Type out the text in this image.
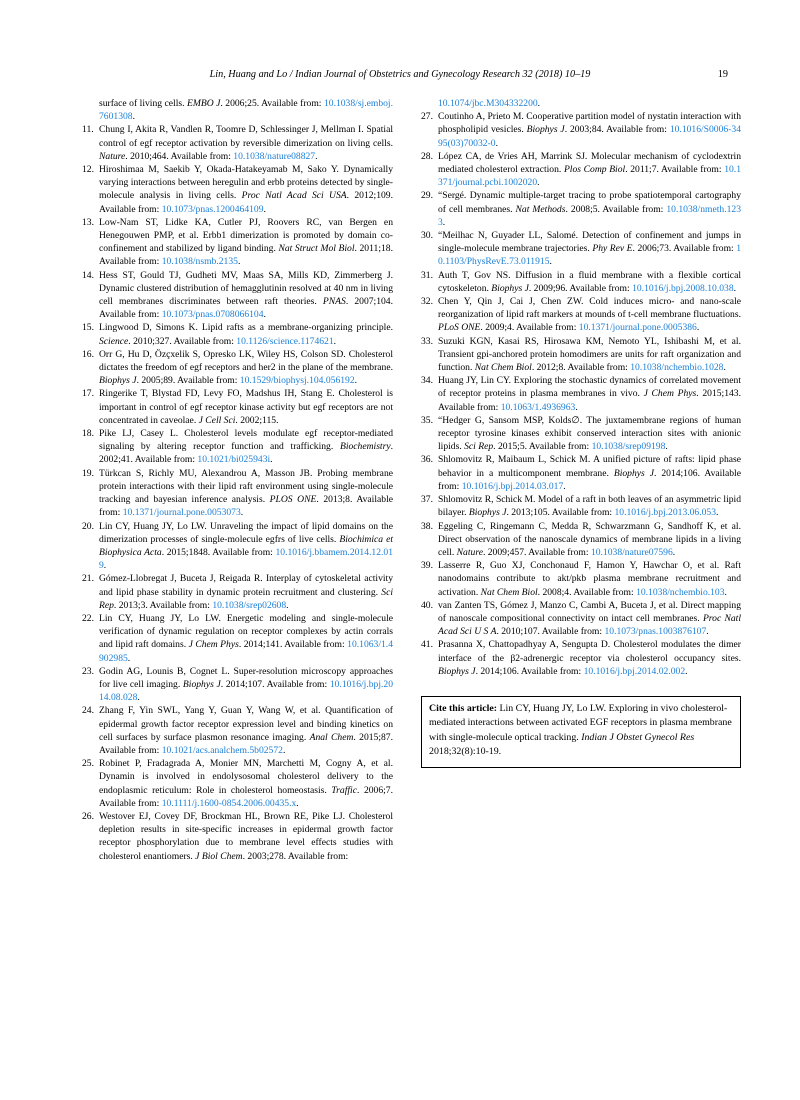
Lin, Huang and Lo / Indian Journal of Obstetrics and Gynecology Research 32 (2018) 10–19	19

surface of living cells. EMBO J. 2006;25. Available from: 10.1038/sj.emboj.7601308.

11. Chung I, Akita R, Vandlen R, Toomre D, Schlessinger J, Mellman I. Spatial control of egf receptor activation by reversible dimerization on living cells. Nature. 2010;464. Available from: 10.1038/nature08827.

12. Hiroshimaa M, Saekib Y, Okada-Hatakeyamab M, Sako Y. Dynamically varying interactions between heregulin and erbb proteins detected by single-molecule analysis in living cells. Proc Natl Acad Sci USA. 2012;109. Available from: 10.1073/pnas.1200464109.

13. Low-Nam ST, Lidke KA, Cutler PJ, Roovers RC, van Bergen en Henegouwen PMP, et al. Erbb1 dimerization is promoted by domain co-confinement and stabilized by ligand binding. Nat Struct Mol Biol. 2011;18. Available from: 10.1038/nsmb.2135.

14. Hess ST, Gould TJ, Gudheti MV, Maas SA, Mills KD, Zimmerberg J. Dynamic clustered distribution of hemagglutinin resolved at 40 nm in living cell membranes discriminates between raft theories. PNAS. 2007;104. Available from: 10.1073/pnas.0708066104.

15. Lingwood D, Simons K. Lipid rafts as a membrane-organizing principle. Science. 2010;327. Available from: 10.1126/science.1174621.

16. Orr G, Hu D, Özçxelik S, Opresko LK, Wiley HS, Colson SD. Cholesterol dictates the freedom of egf receptors and her2 in the plane of the membrane. Biophys J. 2005;89. Available from: 10.1529/biophysj.104.056192.

17. Ringerike T, Blystad FD, Levy FO, Madshus IH, Stang E. Cholesterol is important in control of egf receptor kinase activity but egf receptors are not concentrated in caveolae. J Cell Sci. 2002;115.

18. Pike LJ, Casey L. Cholesterol levels modulate egf receptor-mediated signaling by altering receptor function and trafficking. Biochemistry. 2002;41. Available from: 10.1021/bi025943i.

19. Türkcan S, Richly MU, Alexandrou A, Masson JB. Probing membrane protein interactions with their lipid raft environment using single-molecule tracking and bayesian inference analysis. PLOS ONE. 2013;8. Available from: 10.1371/journal.pone.0053073.

20. Lin CY, Huang JY, Lo LW. Unraveling the impact of lipid domains on the dimerization processes of single-molecule egfrs of live cells. Biochimica et Biophysica Acta. 2015;1848. Available from: 10.1016/j.bbamem.2014.12.019.

21. Gómez-Llobregat J, Buceta J, Reigada R. Interplay of cytoskeletal activity and lipid phase stability in dynamic protein recruitment and clustering. Sci Rep. 2013;3. Available from: 10.1038/srep02608.

22. Lin CY, Huang JY, Lo LW. Energetic modeling and single-molecule verification of dynamic regulation on receptor complexes by actin corrals and lipid raft domains. J Chem Phys. 2014;141. Available from: 10.1063/1.4902985.

23. Godin AG, Lounis B, Cognet L. Super-resolution microscopy approaches for live cell imaging. Biophys J. 2014;107. Available from: 10.1016/j.bpj.2014.08.028.

24. Zhang F, Yin SWL, Yang Y, Guan Y, Wang W, et al. Quantification of epidermal growth factor receptor expression level and binding kinetics on cell surfaces by surface plasmon resonance imaging. Anal Chem. 2015;87. Available from: 10.1021/acs.analchem.5b02572.

25. Robinet P, Fradagrada A, Monier MN, Marchetti M, Cogny A, et al. Dynamin is involved in endolysosomal cholesterol delivery to the endoplasmic reticulum: Role in cholesterol homeostasis. Traffic. 2006;7. Available from: 10.1111/j.1600-0854.2006.00435.x.

26. Westover EJ, Covey DF, Brockman HL, Brown RE, Pike LJ. Cholesterol depletion results in site-specific increases in epidermal growth factor receptor phosphorylation due to membrane level effects studies with cholesterol enantiomers. J Biol Chem. 2003;278. Available from:

10.1074/jbc.M304332200.

27. Coutinho A, Prieto M. Cooperative partition model of nystatin interaction with phospholipid vesicles. Biophys J. 2003;84. Available from: 10.1016/S0006-3495(03)70032-0.

28. López CA, de Vries AH, Marrink SJ. Molecular mechanism of cyclodextrin mediated cholesterol extraction. Plos Comp Biol. 2011;7. Available from: 10.1371/journal.pcbi.1002020.

29. “Sergé. Dynamic multiple-target tracing to probe spatiotemporal cartography of cell membranes. Nat Methods. 2008;5. Available from: 10.1038/nmeth.1233.

30. “Meilhac N, Guyader LL, Salomé. Detection of confinement and jumps in single-molecule membrane trajectories. Phy Rev E. 2006;73. Available from: 10.1103/PhysRevE.73.011915.

31. Auth T, Gov NS. Diffusion in a fluid membrane with a flexible cortical cytoskeleton. Biophys J. 2009;96. Available from: 10.1016/j.bpj.2008.10.038.

32. Chen Y, Qin J, Cai J, Chen ZW. Cold induces micro- and nano-scale reorganization of lipid raft markers at mounds of t-cell membrane fluctuations. PLoS ONE. 2009;4. Available from: 10.1371/journal.pone.0005386.

33. Suzuki KGN, Kasai RS, Hirosawa KM, Nemoto YL, Ishibashi M, et al. Transient gpi-anchored protein homodimers are units for raft organization and function. Nat Chem Biol. 2012;8. Available from: 10.1038/nchembio.1028.

34. Huang JY, Lin CY. Exploring the stochastic dynamics of correlated movement of receptor proteins in plasma membranes in vivo. J Chem Phys. 2015;143. Available from: 10.1063/1.4936963.

35. “Hedger G, Sansom MSP, Kolds∅. The juxtamembrane regions of human receptor tyrosine kinases exhibit conserved interaction sites with anionic lipids. Sci Rep. 2015;5. Available from: 10.1038/srep09198.

36. Shlomovitz R, Maibaum L, Schick M. A unified picture of rafts: lipid phase behavior in a multicomponent membrane. Biophys J. 2014;106. Available from: 10.1016/j.bpj.2014.03.017.

37. Shlomovitz R, Schick M. Model of a raft in both leaves of an asymmetric lipid bilayer. Biophys J. 2013;105. Available from: 10.1016/j.bpj.2013.06.053.

38. Eggeling C, Ringemann C, Medda R, Schwarzmann G, Sandhoff K, et al. Direct observation of the nanoscale dynamics of membrane lipids in a living cell. Nature. 2009;457. Available from: 10.1038/nature07596.

39. Lasserre R, Guo XJ, Conchonaud F, Hamon Y, Hawchar O, et al. Raft nanodomains contribute to akt/pkb plasma membrane recruitment and activation. Nat Chem Biol. 2008;4. Available from: 10.1038/nchembio.103.

40. van Zanten TS, Gómez J, Manzo C, Cambi A, Buceta J, et al. Direct mapping of nanoscale compositional connectivity on intact cell membranes. Proc Natl Acad Sci U S A. 2010;107. Available from: 10.1073/pnas.1003876107.

41. Prasanna X, Chattopadhyay A, Sengupta D. Cholesterol modulates the dimer interface of the β2-adrenergic receptor via cholesterol occupancy sites. Biophys J. 2014;106. Available from: 10.1016/j.bpj.2014.02.002.

Cite this article: Lin CY, Huang JY, Lo LW. Exploring in vivo cholesterol-mediated interactions between activated EGF receptors in plasma membrane with single-molecule optical tracking. Indian J Obstet Gynecol Res 2018;32(8):10-19.
